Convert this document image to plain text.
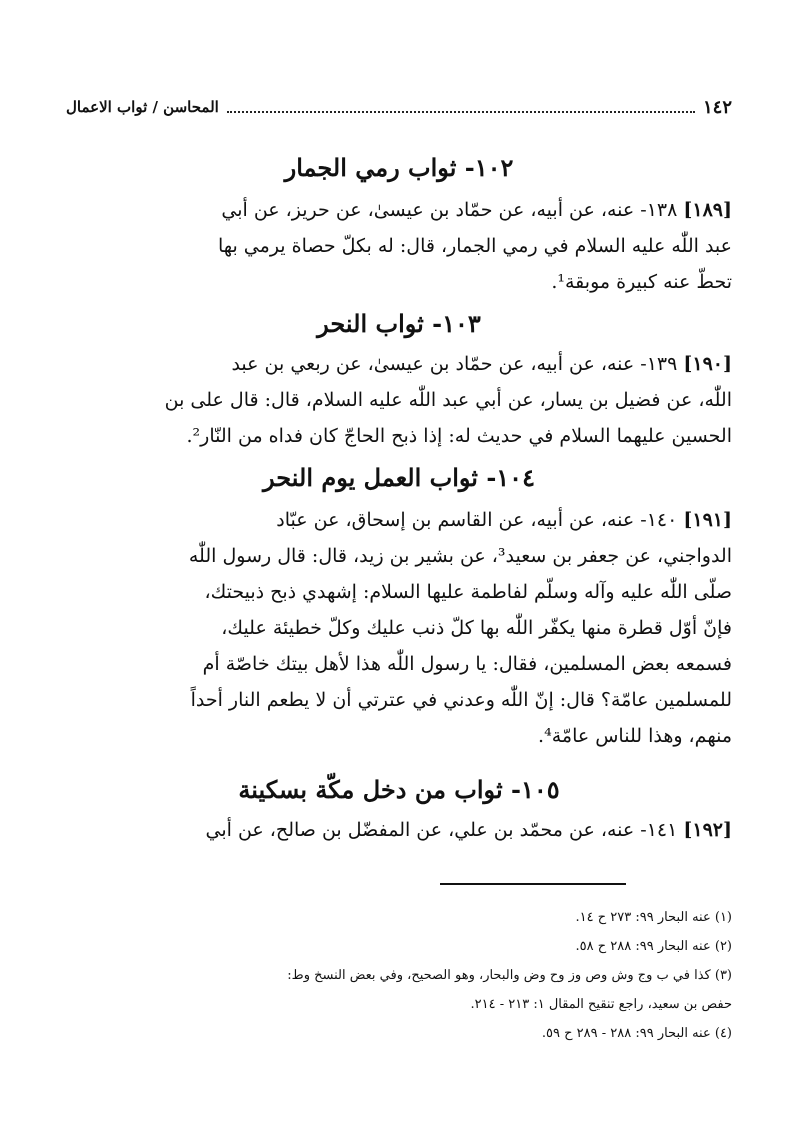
١٤٢
المحاسن / ثواب الاعمال
١٠٢- ثواب رمي الجمار
[١٨٩] ١٣٨- عنه، عن أبيه، عن حمّاد بن عيسىٰ، عن حريز، عن أبي
عبد اللّٰه عليه السلام في رمي الجمار، قال: له بكلّ حصاة يرمي بها
تحطّ عنه كبيرة موبقة¹.
١٠٣- ثواب النحر
[١٩٠] ١٣٩- عنه، عن أبيه، عن حمّاد بن عيسىٰ، عن ربعي بن عبد
اللّٰه، عن فضيل بن يسار، عن أبي عبد اللّٰه عليه السلام، قال: قال على بن
الحسين عليهما السلام في حديث له: إذا ذبح الحاجّ كان فداه من النّار².
١٠٤- ثواب العمل يوم النحر
[١٩١] ١٤٠- عنه، عن أبيه، عن القاسم بن إسحاق، عن عبّاد
الدواجني، عن جعفر بن سعيد³، عن بشير بن زيد، قال: قال رسول اللّٰه
صلّى اللّٰه عليه وآله وسلّم لفاطمة عليها السلام: إشهدي ذبح ذبيحتك،
فإنّ أوّل قطرة منها يكفّر اللّٰه بها كلّ ذنب عليك وكلّ خطيئة عليك،
فسمعه بعض المسلمين، فقال: يا رسول اللّٰه هذا لأهل بيتك خاصّة أم
للمسلمين عامّة؟ قال: إنّ اللّٰه وعدني في عترتي أن لا يطعم النار أحداً
منهم، وهذا للناس عامّة⁴.
١٠٥- ثواب من دخل مكّة بسكينة
[١٩٢] ١٤١- عنه، عن محمّد بن علي، عن المفضّل بن صالح، عن أبي
(١) عنه البحار ٩٩: ٢٧٣ ح ١٤.
(٢) عنه البحار ٩٩: ٢٨٨ ح ٥٨.
(٣) كذا في ب وج وش وص وز وح وض والبحار، وهو الصحيح، وفي بعض النسخ وط:
حفص بن سعيد، راجع تنقيح المقال ١: ٢١٣ - ٢١٤.
(٤) عنه البحار ٩٩: ٢٨٨ - ٢٨٩ ح ٥٩.
